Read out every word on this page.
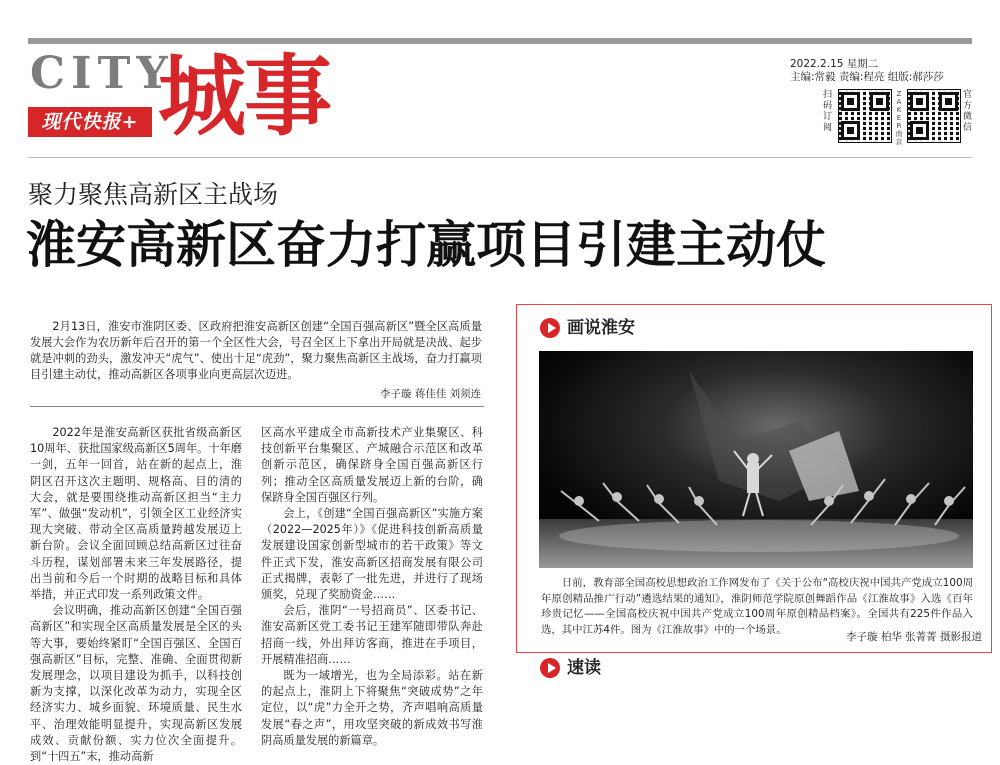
CITY
现代快报+ 城事	2022.2.15 星期二
主编:常毅 责编:程亮 组版:郝莎莎
扫码订阅
ZAKER南京
官方微信
聚力聚焦高新区主战场
淮安高新区奋力打赢项目引建主动仗
2月13日，淮安市淮阴区委、区政府把淮安高新区创建“全国百强高新区”暨全区高质量发展大会作为农历新年后召开的第一个全区性大会，号召全区上下拿出开局就是决战、起步就是冲刺的劲头，激发冲天“虎气”、使出十足“虎劲”，聚力聚焦高新区主战场，奋力打赢项目引建主动仗，推动高新区各项事业向更高层次迈进。
李子璇 蒋佳佳 刘须连

2022年是淮安高新区获批省级高新区10周年、获批国家级高新区5周年。十年磨一剑，五年一回首，站在新的起点上，淮阴区召开这次主题明、规格高、目的清的大会，就是要围绕推动高新区担当“主力军”、做强“发动机”，引领全区工业经济实现大突破、带动全区高质量跨越发展迈上新台阶。会议全面回顾总结高新区过往奋斗历程，谋划部署未来三年发展路径，提出当前和今后一个时期的战略目标和具体举措，并正式印发一系列政策文件。

会议明确，推动高新区创建“全国百强高新区”和实现全区高质量发展是全区的头等大事，要始终紧盯“全国百强区、全国百强高新区”目标，完整、准确、全面贯彻新发展理念，以项目建设为抓手，以科技创新为支撑，以深化改革为动力，实现全区经济实力、城乡面貌、环境质量、民生水平、治理效能明显提升，实现高新区发展成效、贡献份额、实力位次全面提升。到“十四五”末，推动高新

区高水平建成全市高新技术产业集聚区、科技创新平台集聚区、产城融合示范区和改革创新示范区，确保跻身全国百强高新区行列；推动全区高质量发展迈上新的台阶，确保跻身全国百强区行列。

会上，《创建“全国百强高新区”实施方案（2022—2025年）》《促进科技创新高质量发展建设国家创新型城市的若干政策》等文件正式下发，淮安高新区招商发展有限公司正式揭牌，表彰了一批先进，并进行了现场颁奖，兑现了奖励资金……

会后，淮阴“一号招商员”、区委书记、淮安高新区党工委书记王建军随即带队奔赴招商一线，外出拜访客商，推进在手项目，开展精准招商……

既为一域增光，也为全局添彩。站在新的起点上，淮阴上下将聚焦“突破成势”之年定位，以“虎”力全开之势，齐声唱响高质量发展“春之声”，用攻坚突破的新成效书写淮阴高质量发展的新篇章。

画说淮安
日前，教育部全国高校思想政治工作网发布了《关于公布“高校庆祝中国共产党成立100周年原创精品推广行动”遴选结果的通知》，淮阴师范学院原创舞蹈作品《江淮故事》入选《百年珍贵记忆——全国高校庆祝中国共产党成立100周年原创精品档案》。全国共有225件作品入选，其中江苏4件。图为《江淮故事》中的一个场景。
李子璇 柏华 张菁菁 摄影报道
速读
